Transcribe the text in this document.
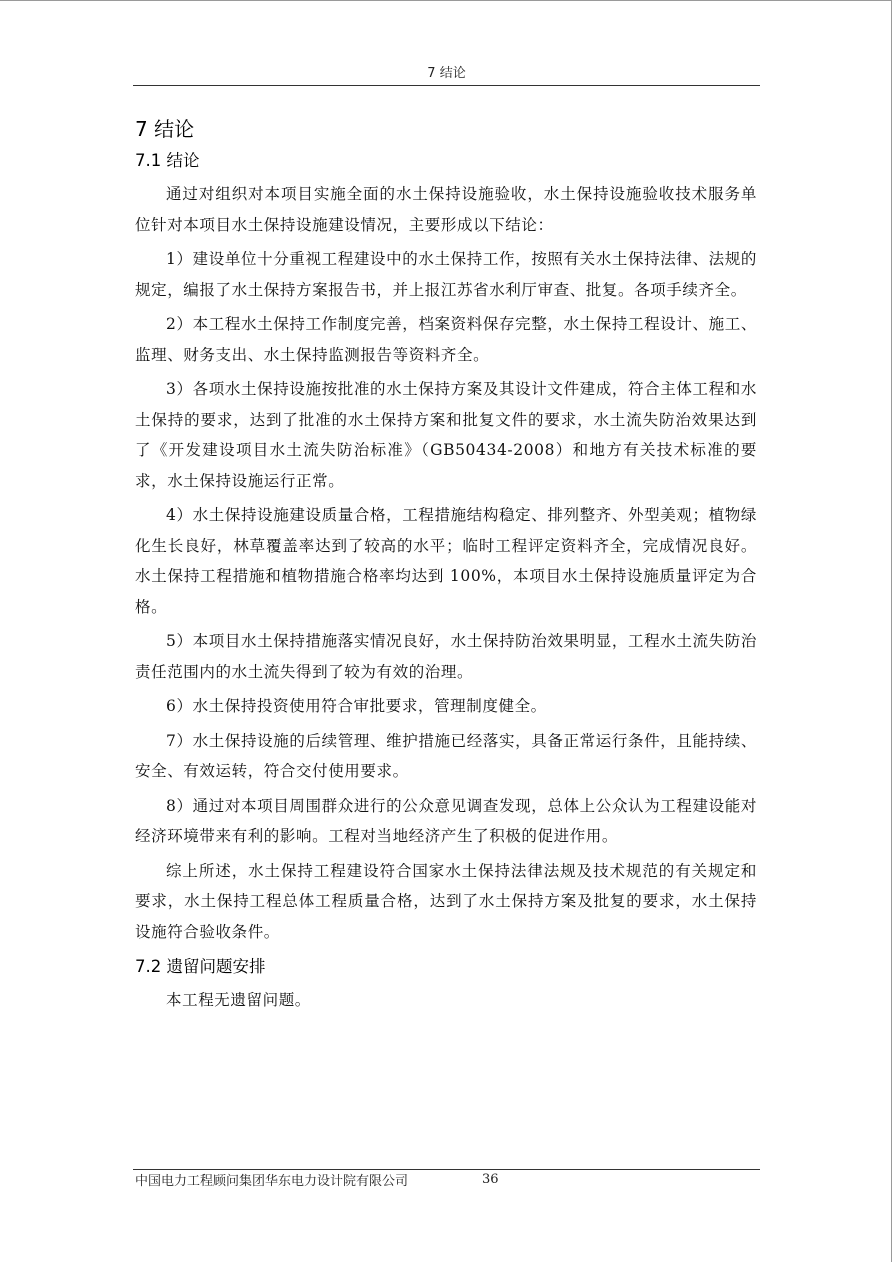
7 结论
7 结论
7.1 结论

通过对组织对本项目实施全面的水土保持设施验收，水土保持设施验收技术服务单位针对本项目水土保持设施建设情况，主要形成以下结论：

1）建设单位十分重视工程建设中的水土保持工作，按照有关水土保持法律、法规的规定，编报了水土保持方案报告书，并上报江苏省水利厅审查、批复。各项手续齐全。

2）本工程水土保持工作制度完善，档案资料保存完整，水土保持工程设计、施工、监理、财务支出、水土保持监测报告等资料齐全。

3）各项水土保持设施按批准的水土保持方案及其设计文件建成，符合主体工程和水土保持的要求，达到了批准的水土保持方案和批复文件的要求，水土流失防治效果达到了《开发建设项目水土流失防治标准》（GB50434-2008）和地方有关技术标准的要求，水土保持设施运行正常。

4）水土保持设施建设质量合格，工程措施结构稳定、排列整齐、外型美观；植物绿化生长良好，林草覆盖率达到了较高的水平；临时工程评定资料齐全，完成情况良好。水土保持工程措施和植物措施合格率均达到 100%，本项目水土保持设施质量评定为合格。

5）本项目水土保持措施落实情况良好，水土保持防治效果明显，工程水土流失防治责任范围内的水土流失得到了较为有效的治理。

6）水土保持投资使用符合审批要求，管理制度健全。

7）水土保持设施的后续管理、维护措施已经落实，具备正常运行条件，且能持续、安全、有效运转，符合交付使用要求。

8）通过对本项目周围群众进行的公众意见调查发现，总体上公众认为工程建设能对经济环境带来有利的影响。工程对当地经济产生了积极的促进作用。

综上所述，水土保持工程建设符合国家水土保持法律法规及技术规范的有关规定和要求，水土保持工程总体工程质量合格，达到了水土保持方案及批复的要求，水土保持设施符合验收条件。

7.2 遗留问题安排

本工程无遗留问题。

中国电力工程顾问集团华东电力设计院有限公司	36
